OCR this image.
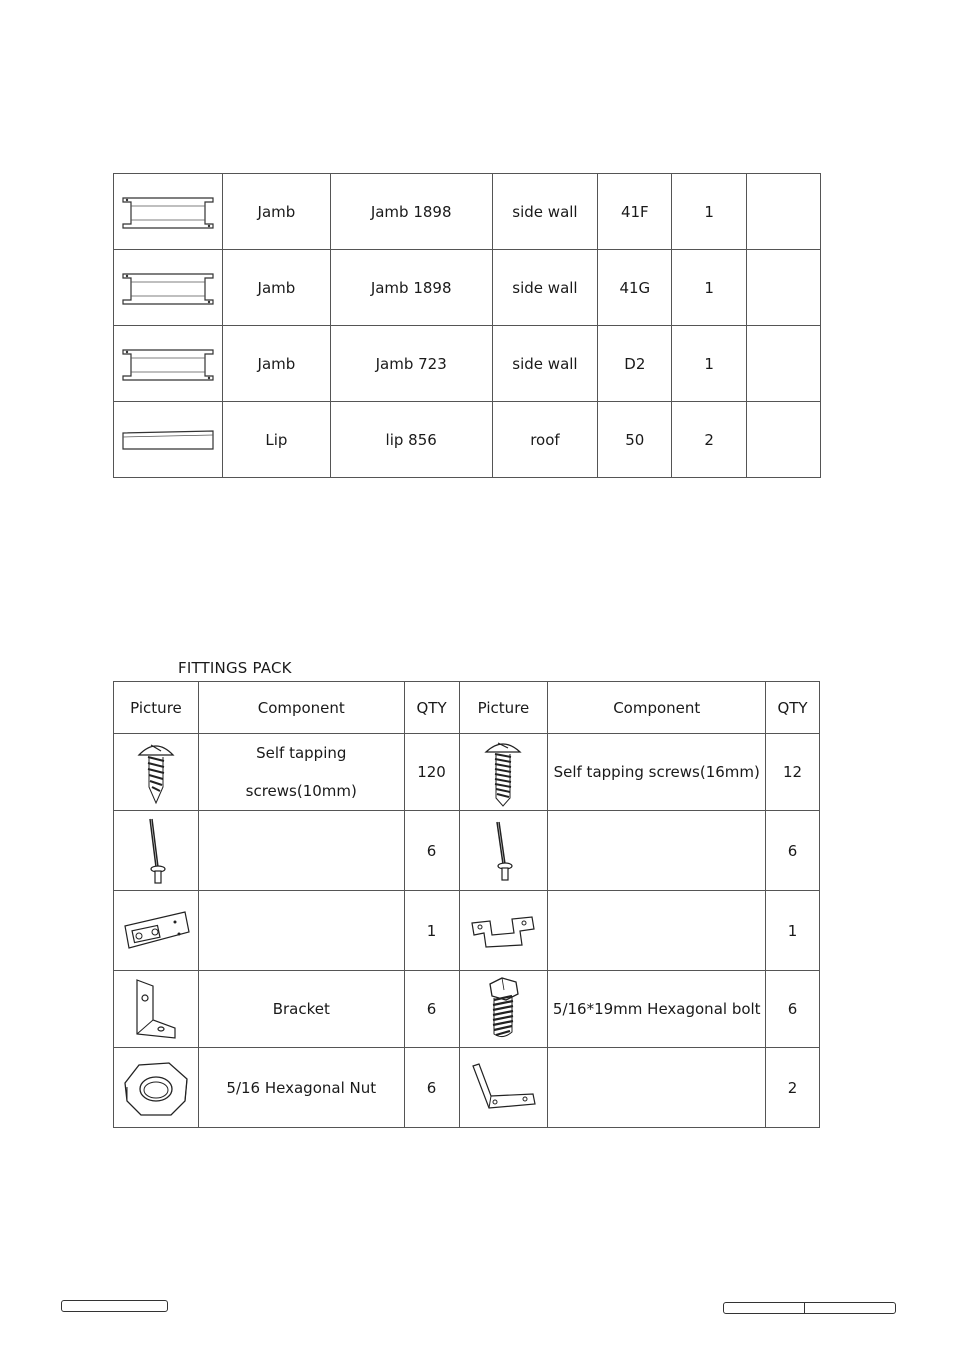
	Jamb	Jamb 1898	side wall	41F	1	

	Jamb	Jamb 1898	side wall	41G	1	

	Jamb	Jamb 723	side wall	D2	1	

	Lip	lip 856	roof	50	2	
FITTINGS PACK
Picture	Component	QTY	Picture	Component	QTY

Self tapping
screws(10mm)	120		Self tapping screws(16mm)	12

		6			6

		1			1

	Bracket	6		5/16*19mm Hexagonal bolt	6

	5/16 Hexagonal Nut	6			2
